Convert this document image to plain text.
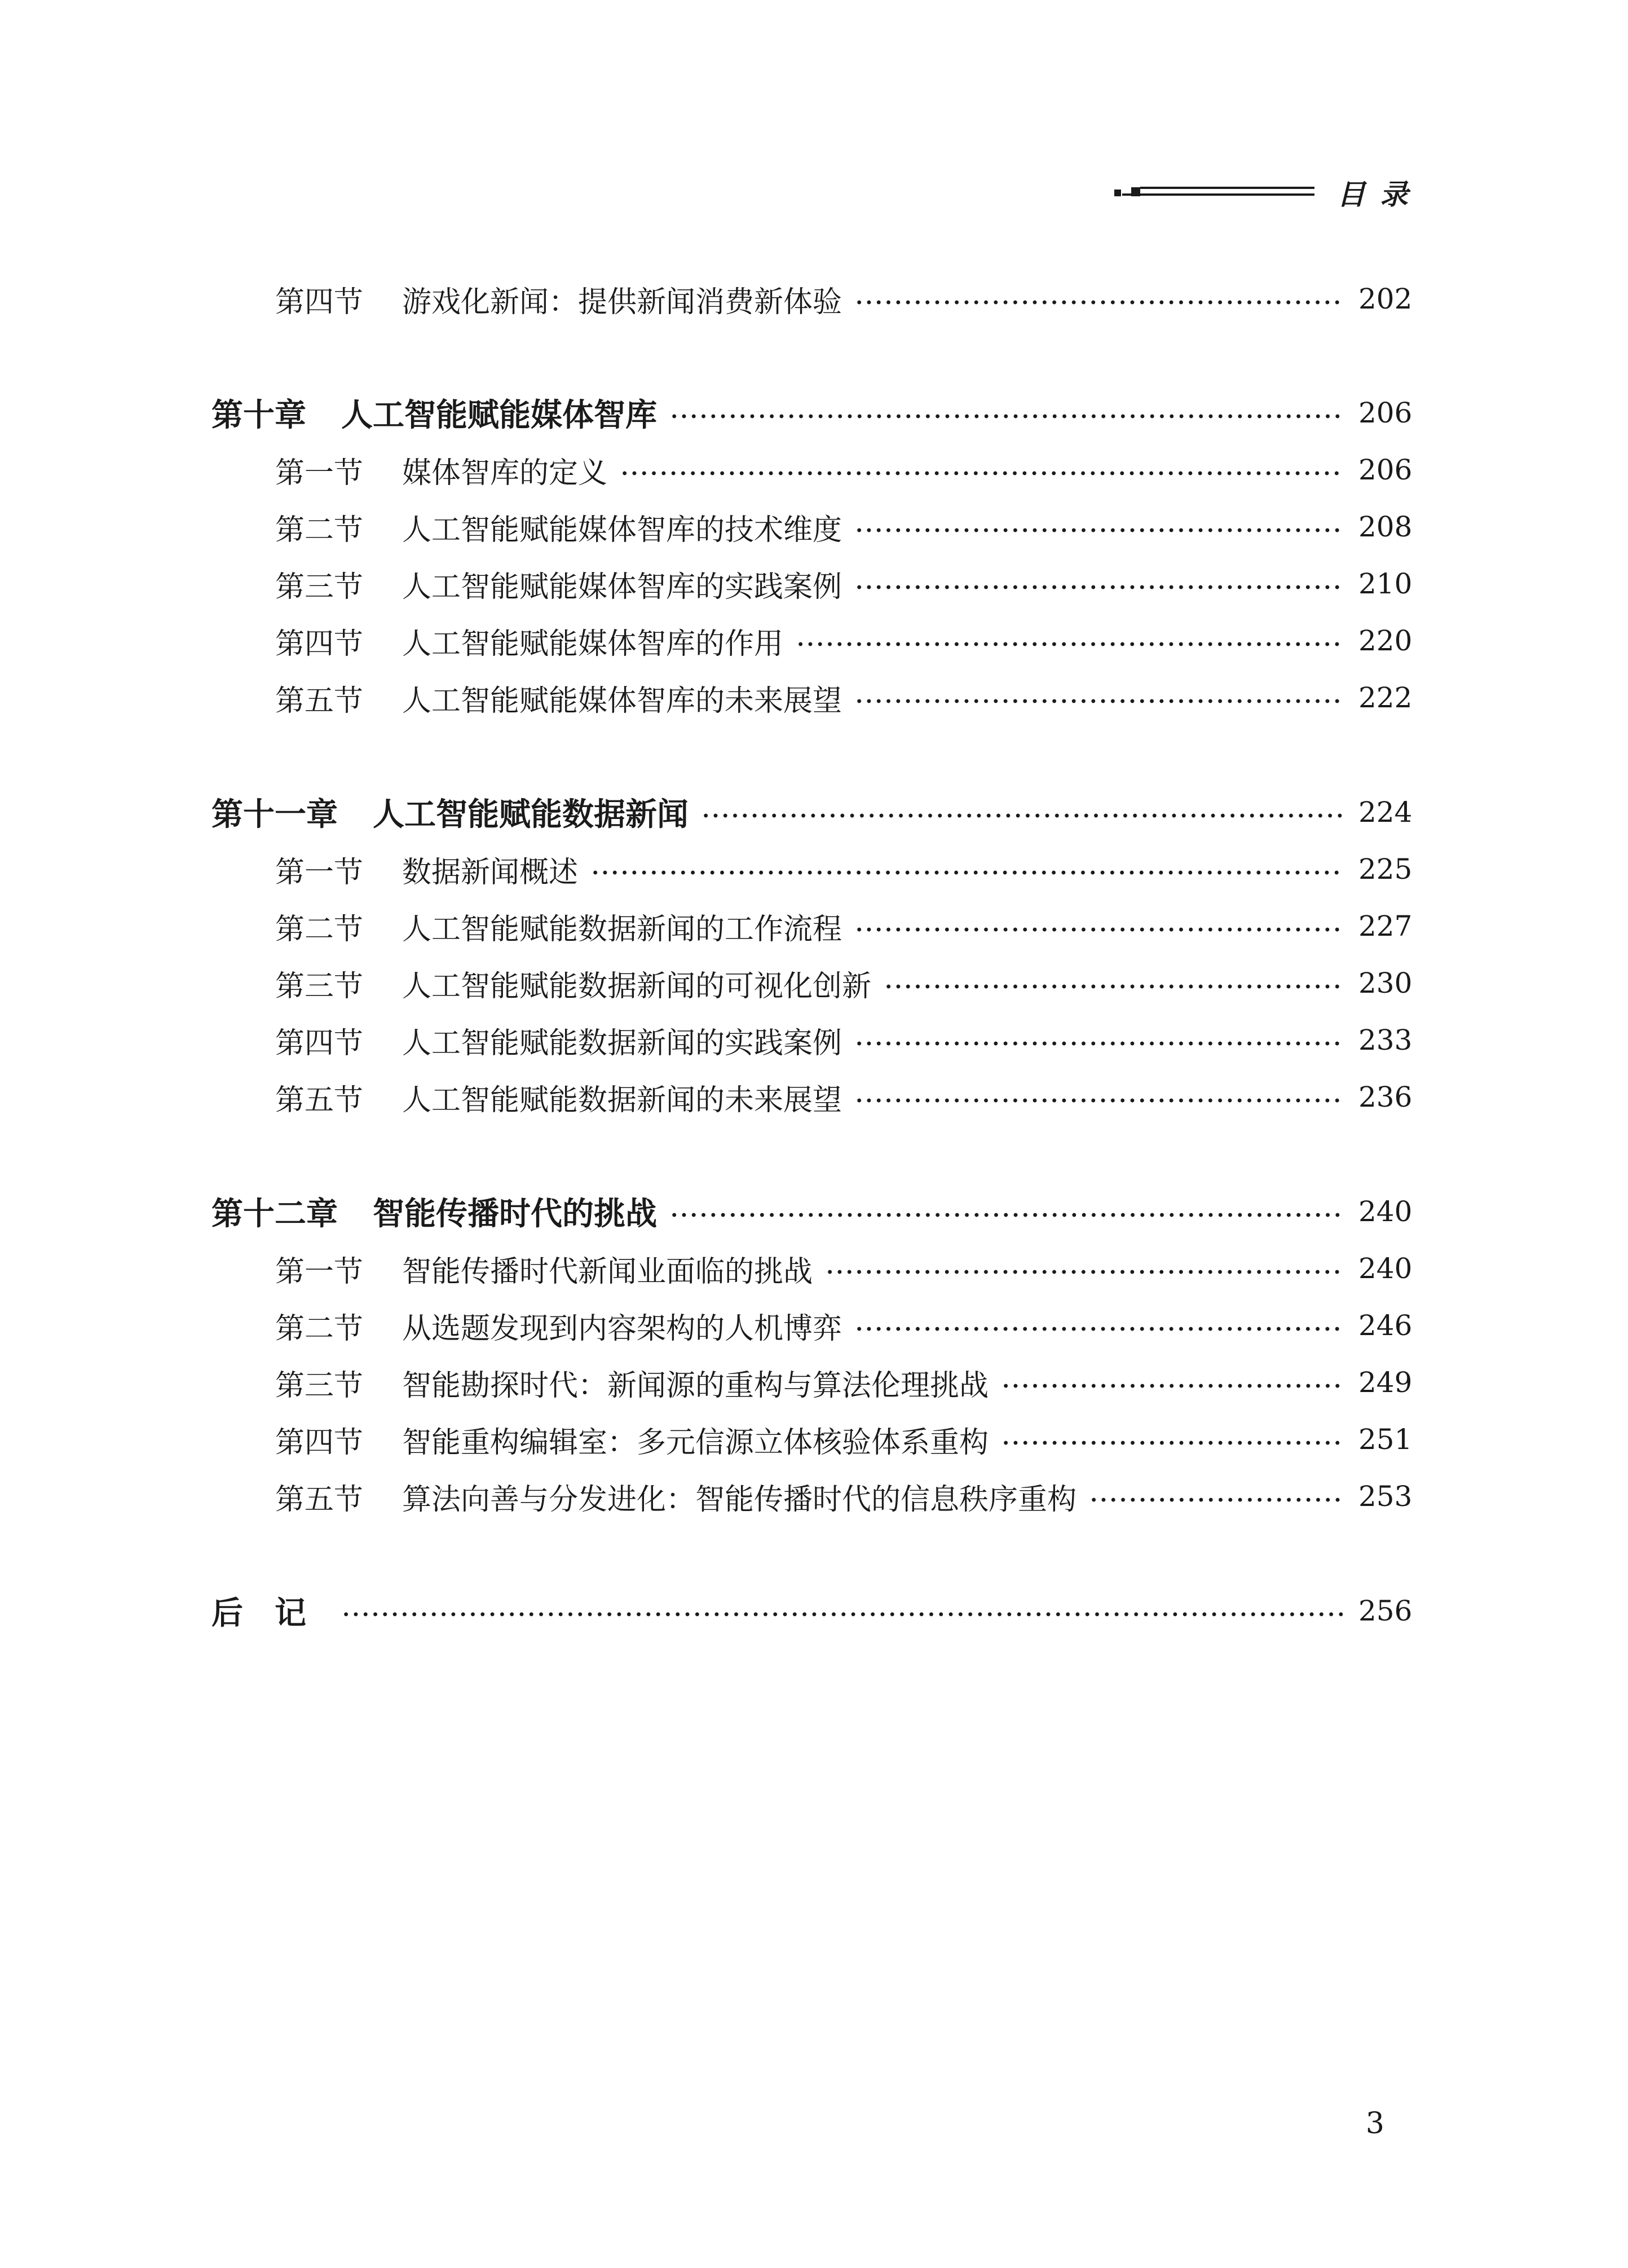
目录
第四节	游戏化新闻：提供新闻消费新体验	202
第十章 人工智能赋能媒体智库	206
第一节	媒体智库的定义	206
第二节	人工智能赋能媒体智库的技术维度	208
第三节	人工智能赋能媒体智库的实践案例	210
第四节	人工智能赋能媒体智库的作用	220
第五节	人工智能赋能媒体智库的未来展望	222
第十一章 人工智能赋能数据新闻	224
第一节	数据新闻概述	225
第二节	人工智能赋能数据新闻的工作流程	227
第三节	人工智能赋能数据新闻的可视化创新	230
第四节	人工智能赋能数据新闻的实践案例	233
第五节	人工智能赋能数据新闻的未来展望	236
第十二章 智能传播时代的挑战	240
第一节	智能传播时代新闻业面临的挑战	240
第二节	从选题发现到内容架构的人机博弈	246
第三节	智能勘探时代：新闻源的重构与算法伦理挑战	249
第四节	智能重构编辑室：多元信源立体核验体系重构	251
第五节	算法向善与分发进化：智能传播时代的信息秩序重构	253
后记	256
3
